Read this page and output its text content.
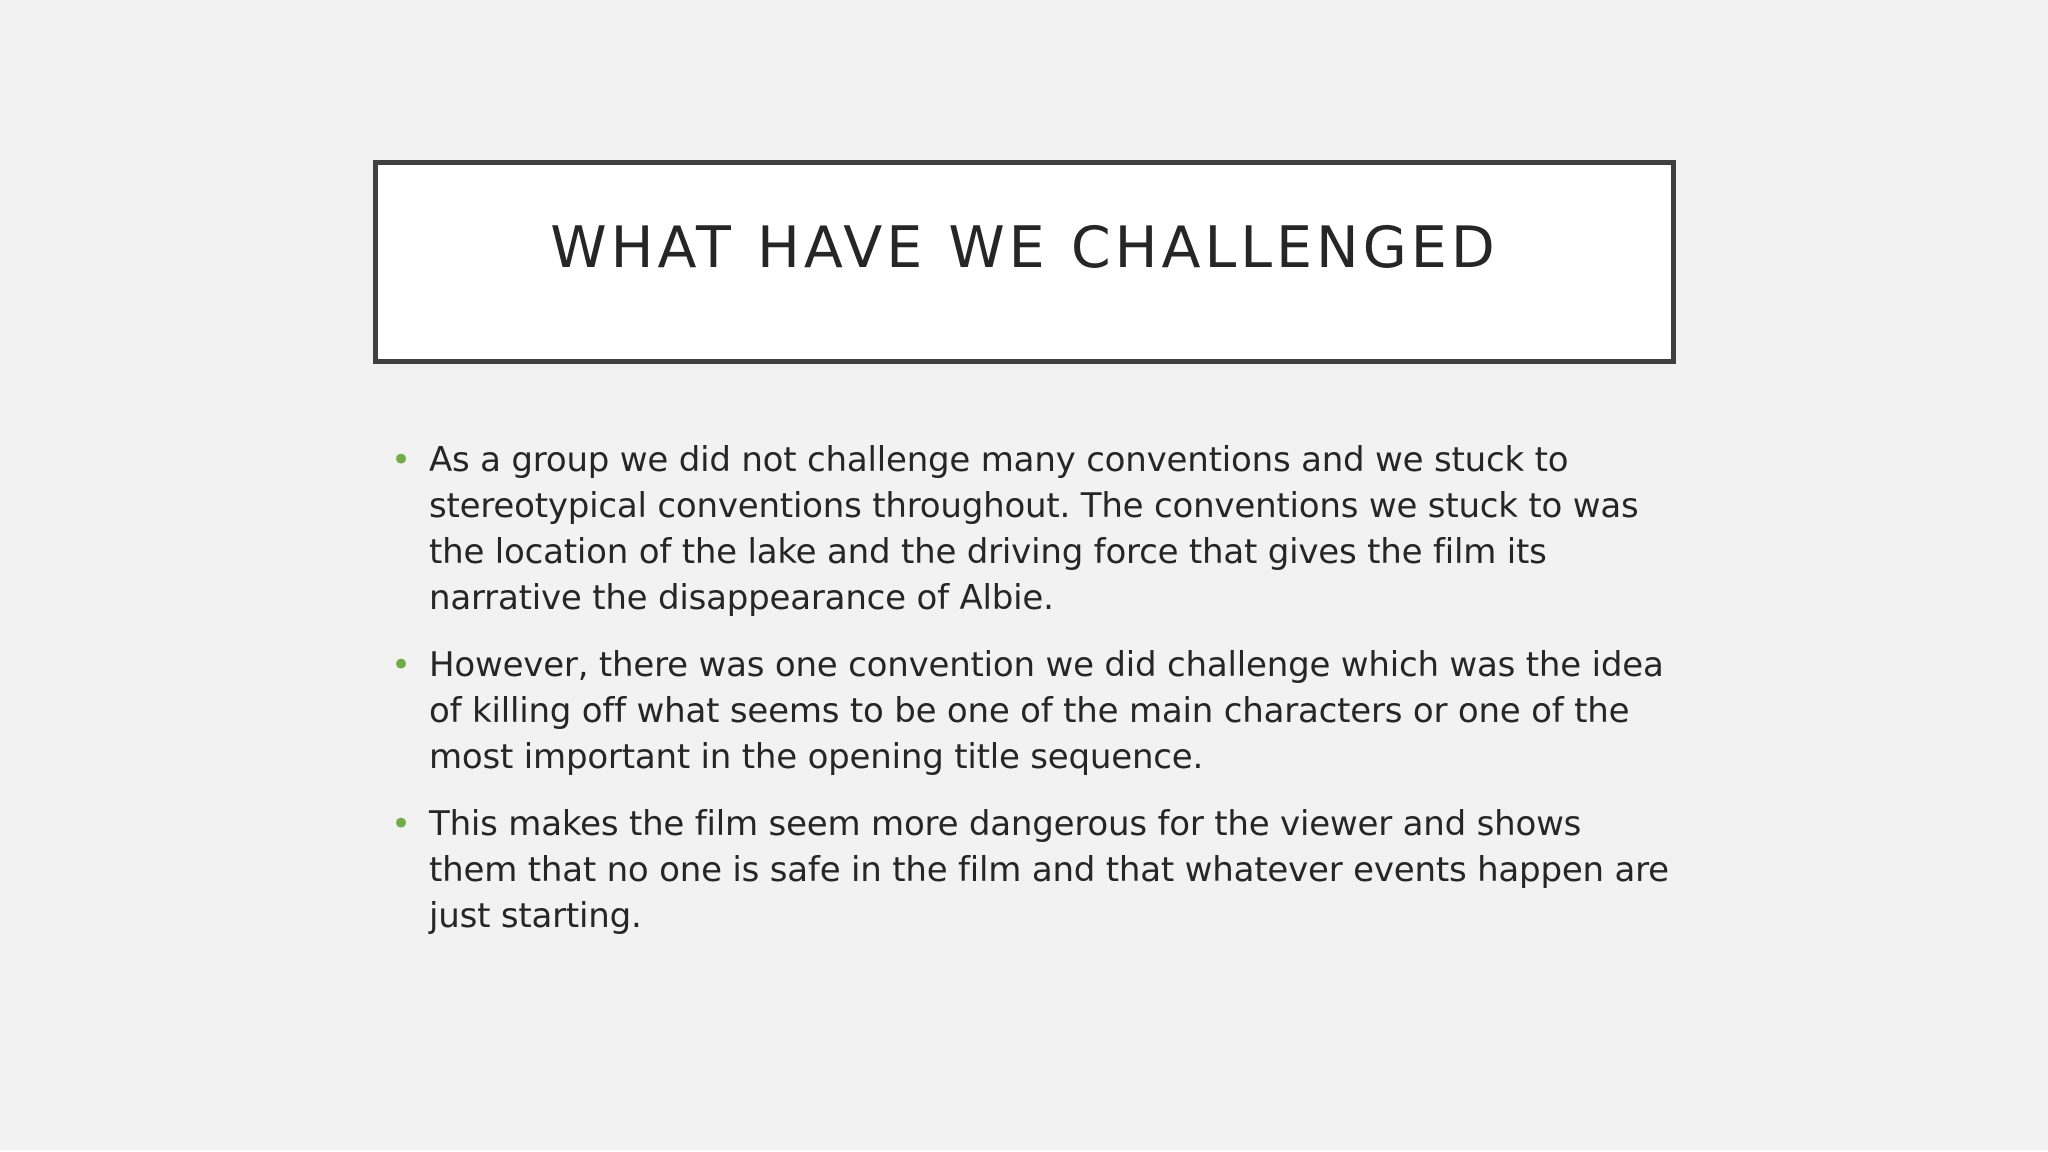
WHAT HAVE WE CHALLENGED
• As a group we did not challenge many conventions and we stuck to
stereotypical conventions throughout. The conventions we stuck to was
the location of the lake and the driving force that gives the film its
narrative the disappearance of Albie.
• However, there was one convention we did challenge which was the idea
of killing off what seems to be one of the main characters or one of the
most important in the opening title sequence.
• This makes the film seem more dangerous for the viewer and shows
them that no one is safe in the film and that whatever events happen are
just starting.
